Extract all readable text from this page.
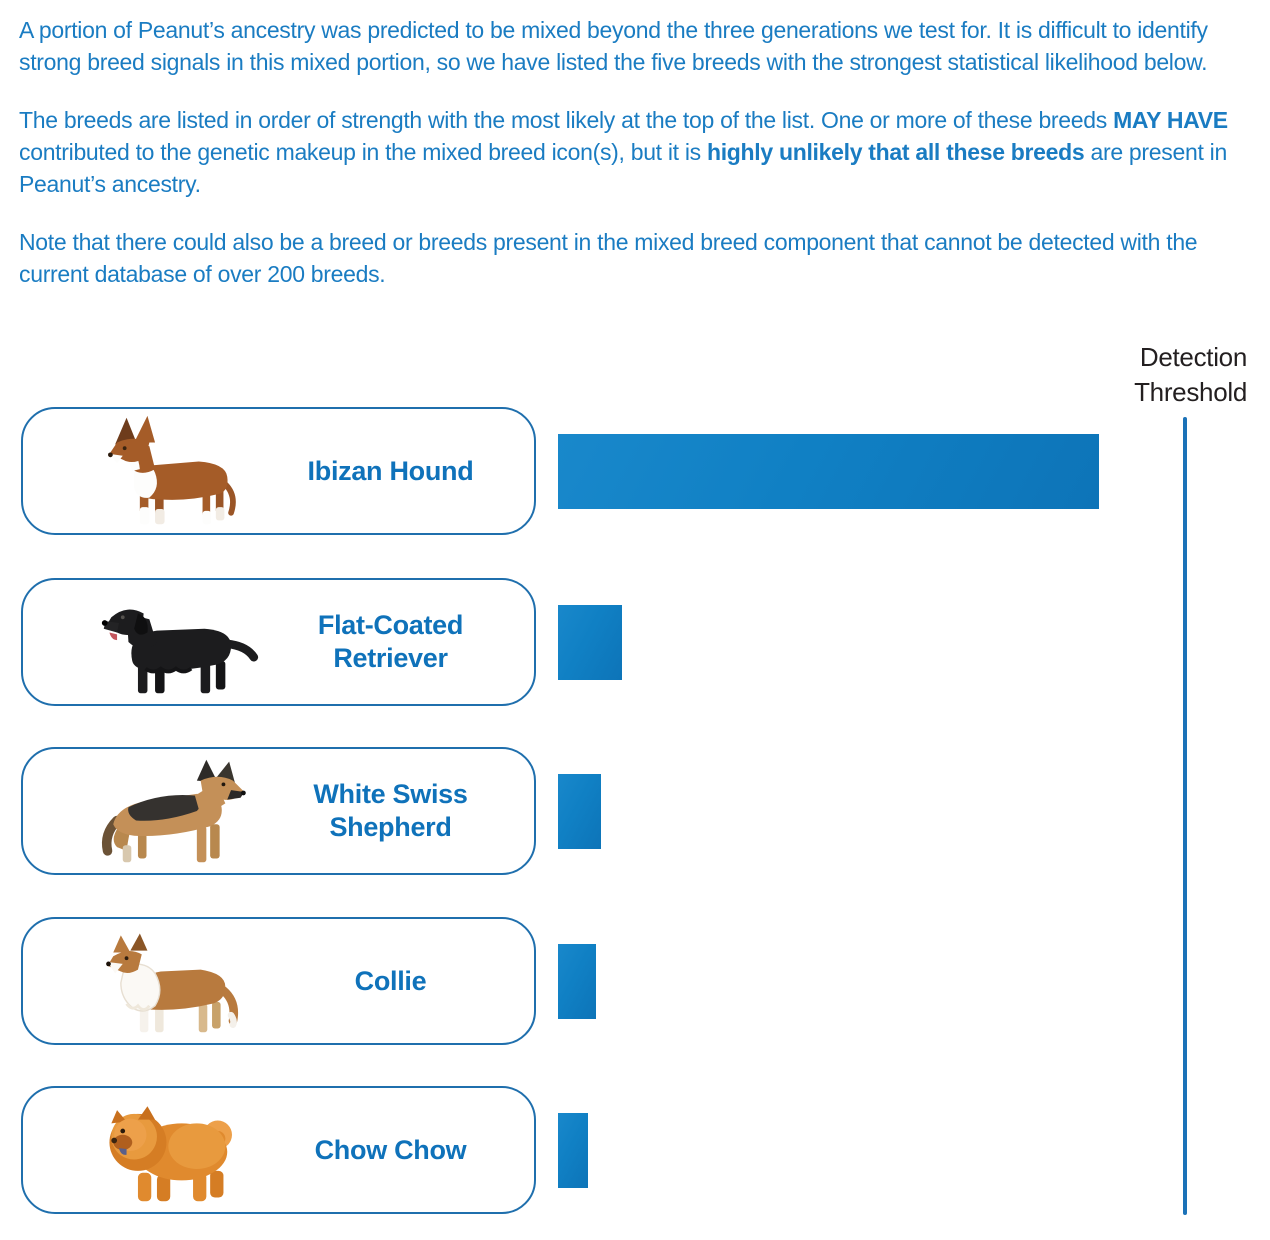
A portion of Peanut’s ancestry was predicted to be mixed beyond the three generations we test for. It is difficult to identify strong breed signals in this mixed portion, so we have listed the five breeds with the strongest statistical likelihood below.

The breeds are listed in order of strength with the most likely at the top of the list. One or more of these breeds MAY HAVE contributed to the genetic makeup in the mixed breed icon(s), but it is highly unlikely that all these breeds are present in Peanut’s ancestry.

Note that there could also be a breed or breeds present in the mixed breed component that cannot be detected with the current database of over 200 breeds.

Detection Threshold
Ibizan Hound
Flat-Coated Retriever
White Swiss Shepherd
Collie
Chow Chow
